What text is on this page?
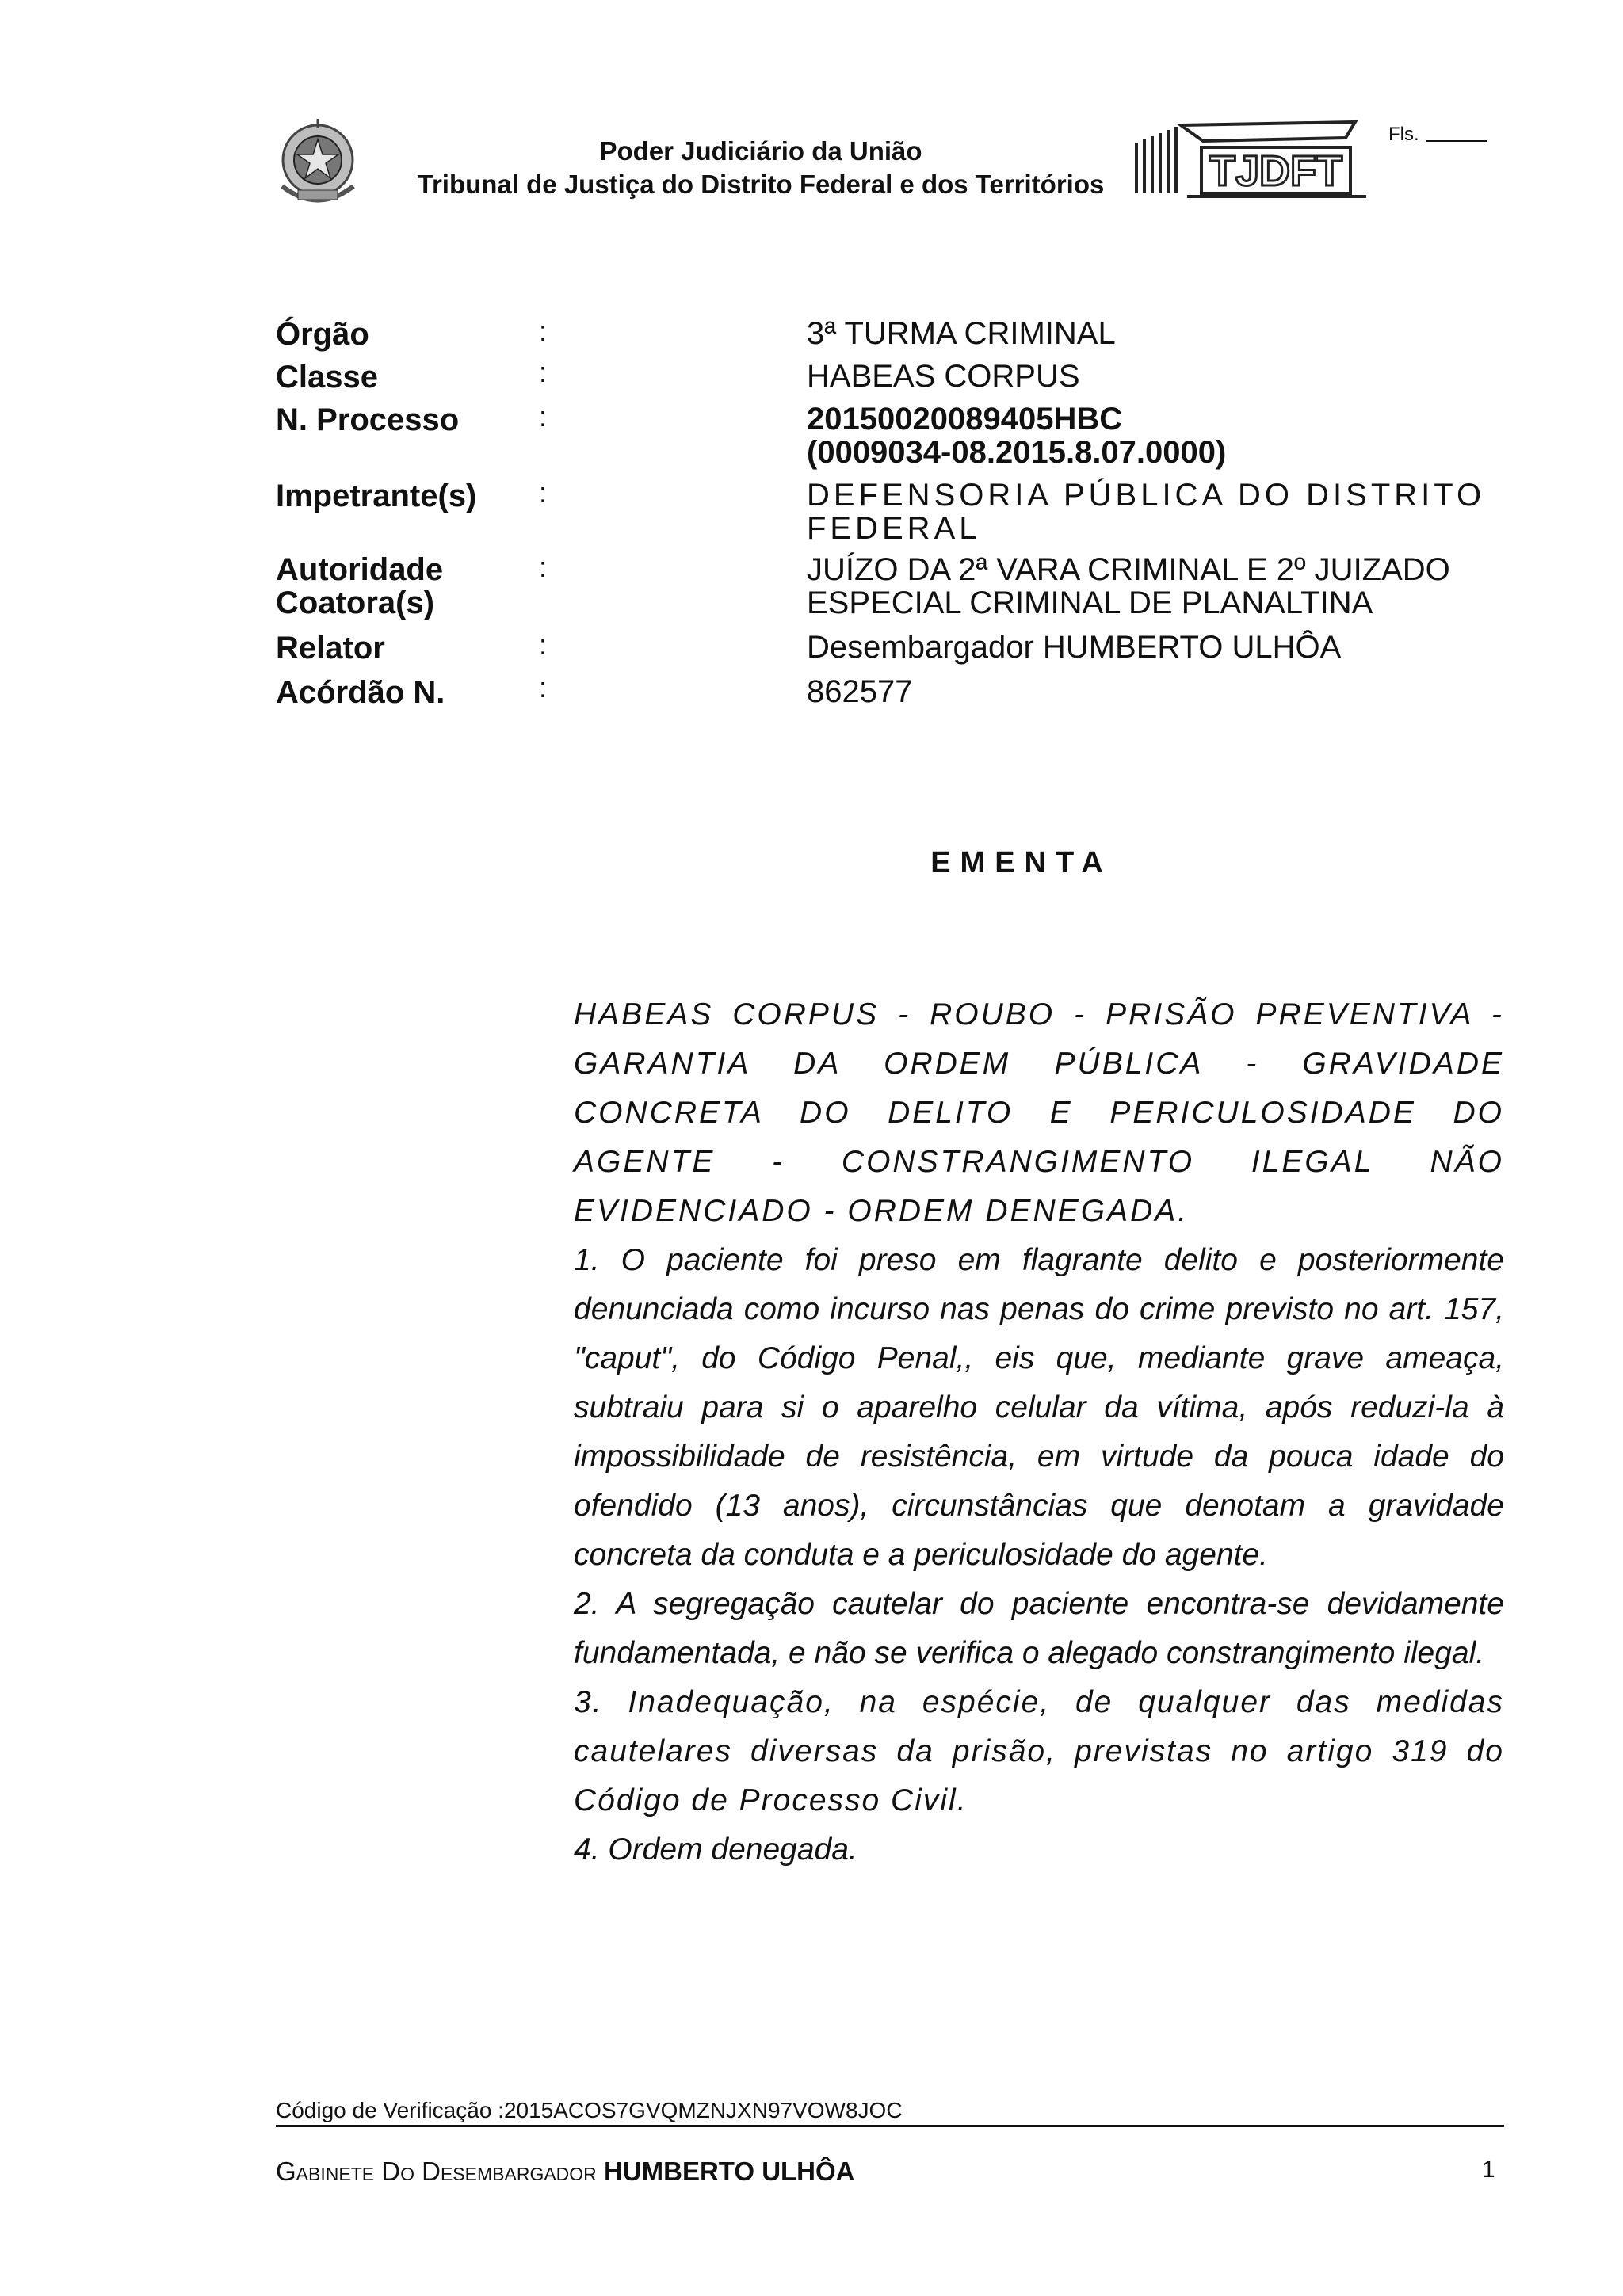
Poder Judiciário da União
Tribunal de Justiça do Distrito Federal e dos Territórios	TJDFT
Fls.
Órgão	:	3ª TURMA CRIMINAL
Classe	:	HABEAS CORPUS
N. Processo	:	20150020089405HBC
(0009034-08.2015.8.07.0000)
Impetrante(s) :	DEFENSORIA PÚBLICA DO DISTRITO FEDERAL
Autoridade
Coatora(s)
:	JUÍZO DA 2ª VARA CRIMINAL E 2º JUIZADO ESPECIAL CRIMINAL DE PLANALTINA
Relator	:	Desembargador HUMBERTO ULHÔA
Acórdão N.	:	862577
EMENTA

HABEAS CORPUS - ROUBO - PRISÃO PREVENTIVA - GARANTIA DA ORDEM PÚBLICA - GRAVIDADE CONCRETA DO DELITO E PERICULOSIDADE DO AGENTE - CONSTRANGIMENTO ILEGAL NÃO EVIDENCIADO - ORDEM DENEGADA.

1. O paciente foi preso em flagrante delito e posteriormente denunciada como incurso nas penas do crime previsto no art. 157, "caput", do Código Penal,, eis que, mediante grave ameaça, subtraiu para si o aparelho celular da vítima, após reduzi-la à impossibilidade de resistência, em virtude da pouca idade do ofendido (13 anos), circunstâncias que denotam a gravidade concreta da conduta e a periculosidade do agente.

2. A segregação cautelar do paciente encontra-se devidamente fundamentada, e não se verifica o alegado constrangimento ilegal.

3. Inadequação, na espécie, de qualquer das medidas cautelares diversas da prisão, previstas no artigo 319 do Código de Processo Civil.

4. Ordem denegada.

Código de Verificação :2015ACOS7GVQMZNJXN97VOW8JOC
Gabinete Do Desembargador HUMBERTO ULHÔA	1
